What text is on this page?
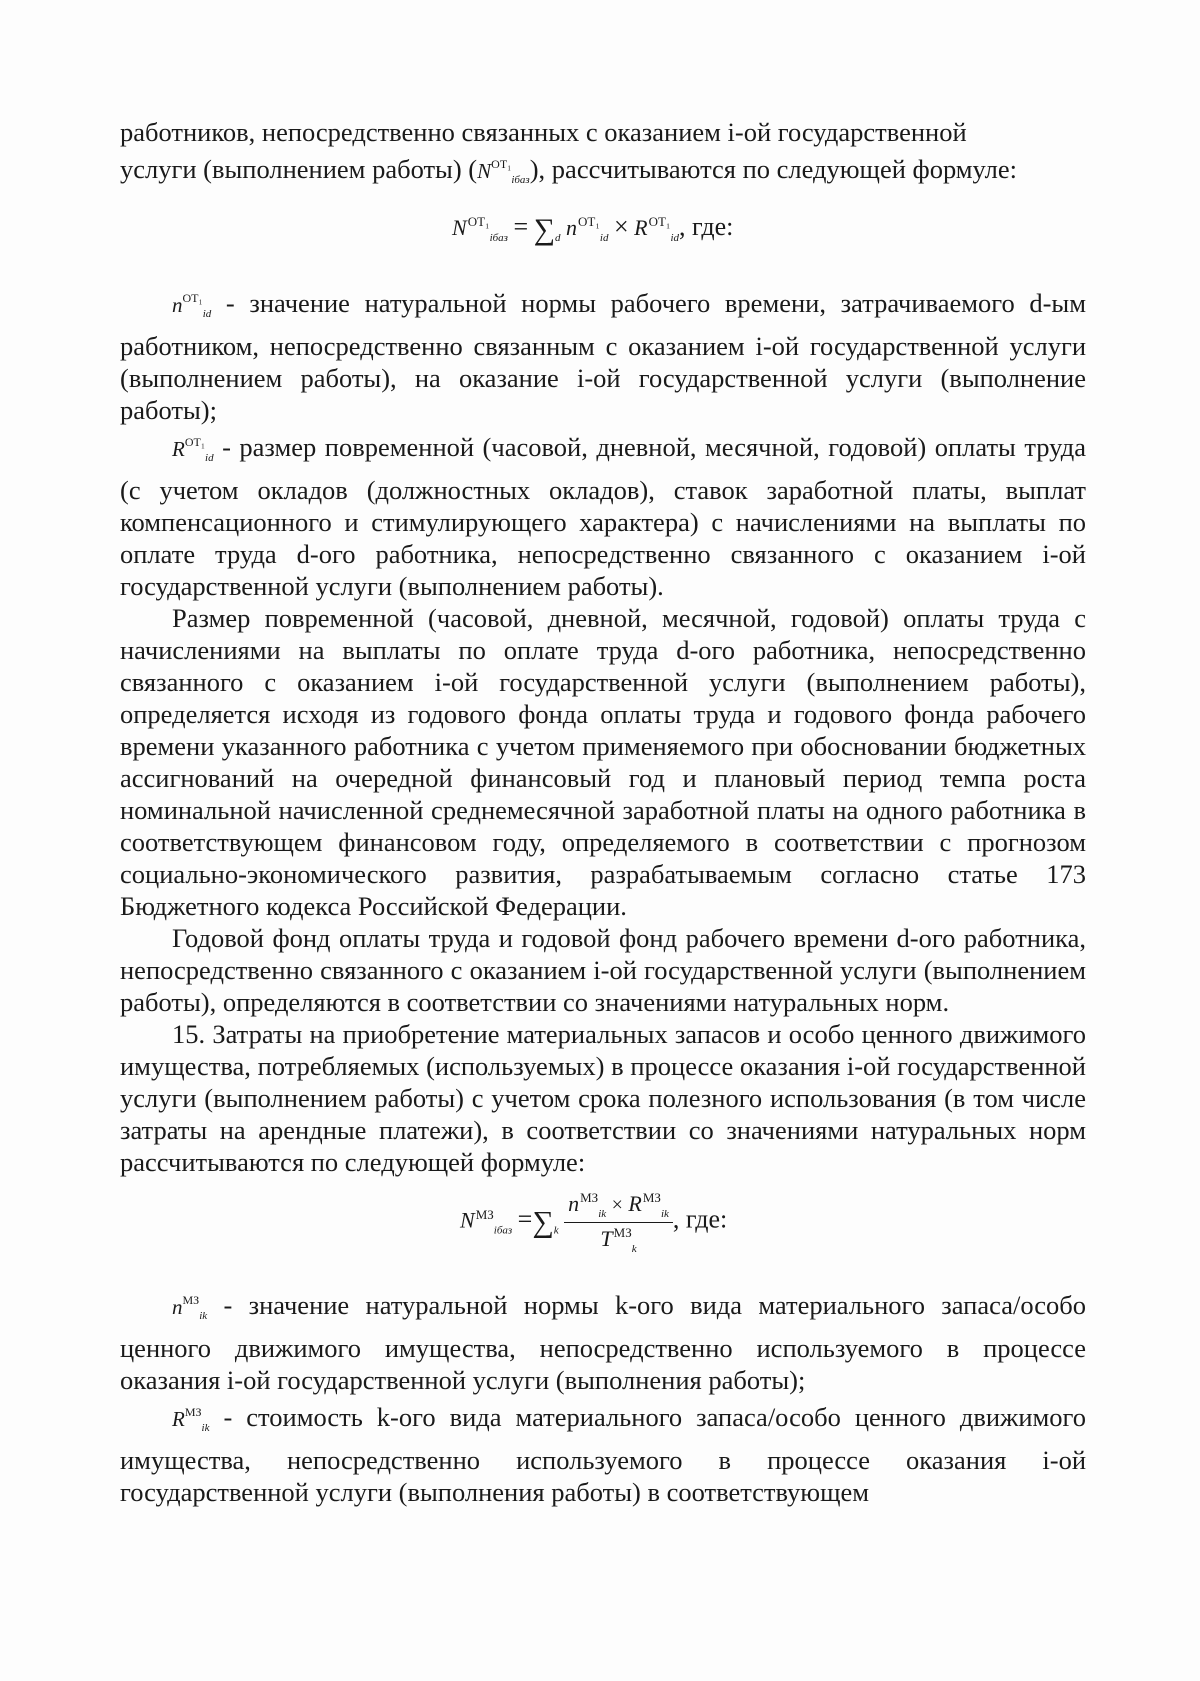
работников, непосредственно связанных с оказанием i-ой государственной
услуги (выполнением работы) $(N^{ОТ_1}_{iбаз})$, рассчитываются по следующей формуле:

$N^{ОТ_1}_{iбаз} = \sum_d$ $n^{ОТ_1}_{id} \times R^{ОТ_1}_{id}$, где:

$n^{ОТ_1}_{id}$ - значение натуральной нормы рабочего времени, затрачиваемого d-ым работником, непосредственно связанным с оказанием i-ой государственной услуги (выполнением работы), на оказание i-ой государственной услуги (выполнение работы);

$R^{ОТ_1}_{id}$ - размер повременной (часовой, дневной, месячной, годовой) оплаты труда (с учетом окладов (должностных окладов), ставок заработной платы, выплат компенсационного и стимулирующего характера) с начислениями на выплаты по оплате труда d-ого работника, непосредственно связанного с оказанием i-ой государственной услуги (выполнением работы).

Размер повременной (часовой, дневной, месячной, годовой) оплаты труда с начислениями на выплаты по оплате труда d-ого работника, непосредственно связанного с оказанием i-ой государственной услуги (выполнением работы), определяется исходя из годового фонда оплаты труда и годового фонда рабочего времени указанного работника с учетом применяемого при обосновании бюджетных ассигнований на очередной финансовый год и плановый период темпа роста номинальной начисленной среднемесячной заработной платы на одного работника в соответствующем финансовом году, определяемого в соответствии с прогнозом социально-экономического развития, разрабатываемым согласно статье 173 Бюджетного кодекса Российской Федерации.

Годовой фонд оплаты труда и годовой фонд рабочего времени d-ого работника, непосредственно связанного с оказанием i-ой государственной услуги (выполнением работы), определяются в соответствии со значениями натуральных норм.

15. Затраты на приобретение материальных запасов и особо ценного движимого имущества, потребляемых (используемых) в процессе оказания i-ой государственной услуги (выполнением работы) с учетом срока полезного использования (в том числе затраты на арендные платежи), в соответствии со значениями натуральных норм рассчитываются по следующей формуле:

$N^{МЗ}_{iбаз} =\sum_k \frac{n^{МЗ}_{ik} \times R^{МЗ}_{ik}}{T^{МЗ}_k}$ , где:

$n^{МЗ}_{ik}$ - значение натуральной нормы k-ого вида материального запаса/особо ценного движимого имущества, непосредственно используемого в процессе оказания i-ой государственной услуги (выполнения работы);

$R^{МЗ}_{ik}$ - стоимость k-ого вида материального запаса/особо ценного движимого имущества, непосредственно используемого в процессе оказания i-ой государственной услуги (выполнения работы) в соответствующем
